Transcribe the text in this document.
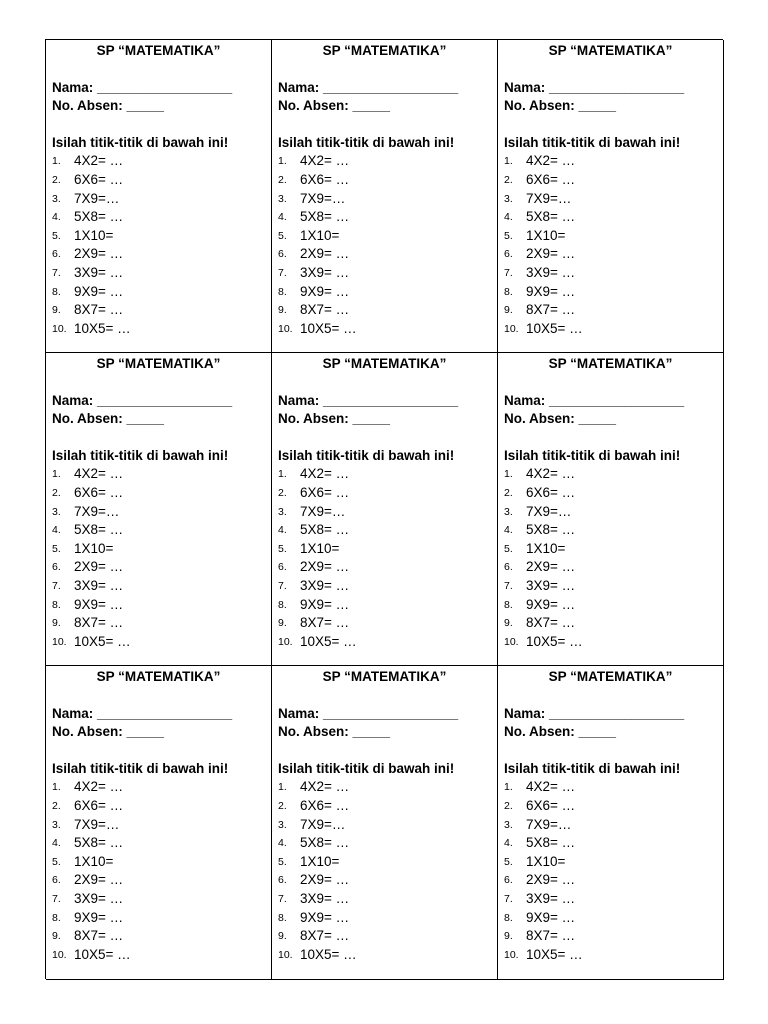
SP “MATEMATIKA”
Nama: __________________
No. Absen: _____
Isilah titik-titik di bawah ini!
1. 4X2= …
2. 6X6= …
3. 7X9=…
4. 5X8= …
5. 1X10=
6. 2X9= …
7. 3X9= …
8. 9X9= …
9. 8X7= …
10. 10X5= …
SP “MATEMATIKA”
Nama: __________________
No. Absen: _____
Isilah titik-titik di bawah ini!
1. 4X2= …
2. 6X6= …
3. 7X9=…
4. 5X8= …
5. 1X10=
6. 2X9= …
7. 3X9= …
8. 9X9= …
9. 8X7= …
10. 10X5= …
SP “MATEMATIKA”
Nama: __________________
No. Absen: _____
Isilah titik-titik di bawah ini!
1. 4X2= …
2. 6X6= …
3. 7X9=…
4. 5X8= …
5. 1X10=
6. 2X9= …
7. 3X9= …
8. 9X9= …
9. 8X7= …
10. 10X5= …
SP “MATEMATIKA”
Nama: __________________
No. Absen: _____
Isilah titik-titik di bawah ini!
1. 4X2= …
2. 6X6= …
3. 7X9=…
4. 5X8= …
5. 1X10=
6. 2X9= …
7. 3X9= …
8. 9X9= …
9. 8X7= …
10. 10X5= …
SP “MATEMATIKA”
Nama: __________________
No. Absen: _____
Isilah titik-titik di bawah ini!
1. 4X2= …
2. 6X6= …
3. 7X9=…
4. 5X8= …
5. 1X10=
6. 2X9= …
7. 3X9= …
8. 9X9= …
9. 8X7= …
10. 10X5= …
SP “MATEMATIKA”
Nama: __________________
No. Absen: _____
Isilah titik-titik di bawah ini!
1. 4X2= …
2. 6X6= …
3. 7X9=…
4. 5X8= …
5. 1X10=
6. 2X9= …
7. 3X9= …
8. 9X9= …
9. 8X7= …
10. 10X5= …
SP “MATEMATIKA”
Nama: __________________
No. Absen: _____
Isilah titik-titik di bawah ini!
1. 4X2= …
2. 6X6= …
3. 7X9=…
4. 5X8= …
5. 1X10=
6. 2X9= …
7. 3X9= …
8. 9X9= …
9. 8X7= …
10. 10X5= …
SP “MATEMATIKA”
Nama: __________________
No. Absen: _____
Isilah titik-titik di bawah ini!
1. 4X2= …
2. 6X6= …
3. 7X9=…
4. 5X8= …
5. 1X10=
6. 2X9= …
7. 3X9= …
8. 9X9= …
9. 8X7= …
10. 10X5= …
SP “MATEMATIKA”
Nama: __________________
No. Absen: _____
Isilah titik-titik di bawah ini!
1. 4X2= …
2. 6X6= …
3. 7X9=…
4. 5X8= …
5. 1X10=
6. 2X9= …
7. 3X9= …
8. 9X9= …
9. 8X7= …
10. 10X5= …
